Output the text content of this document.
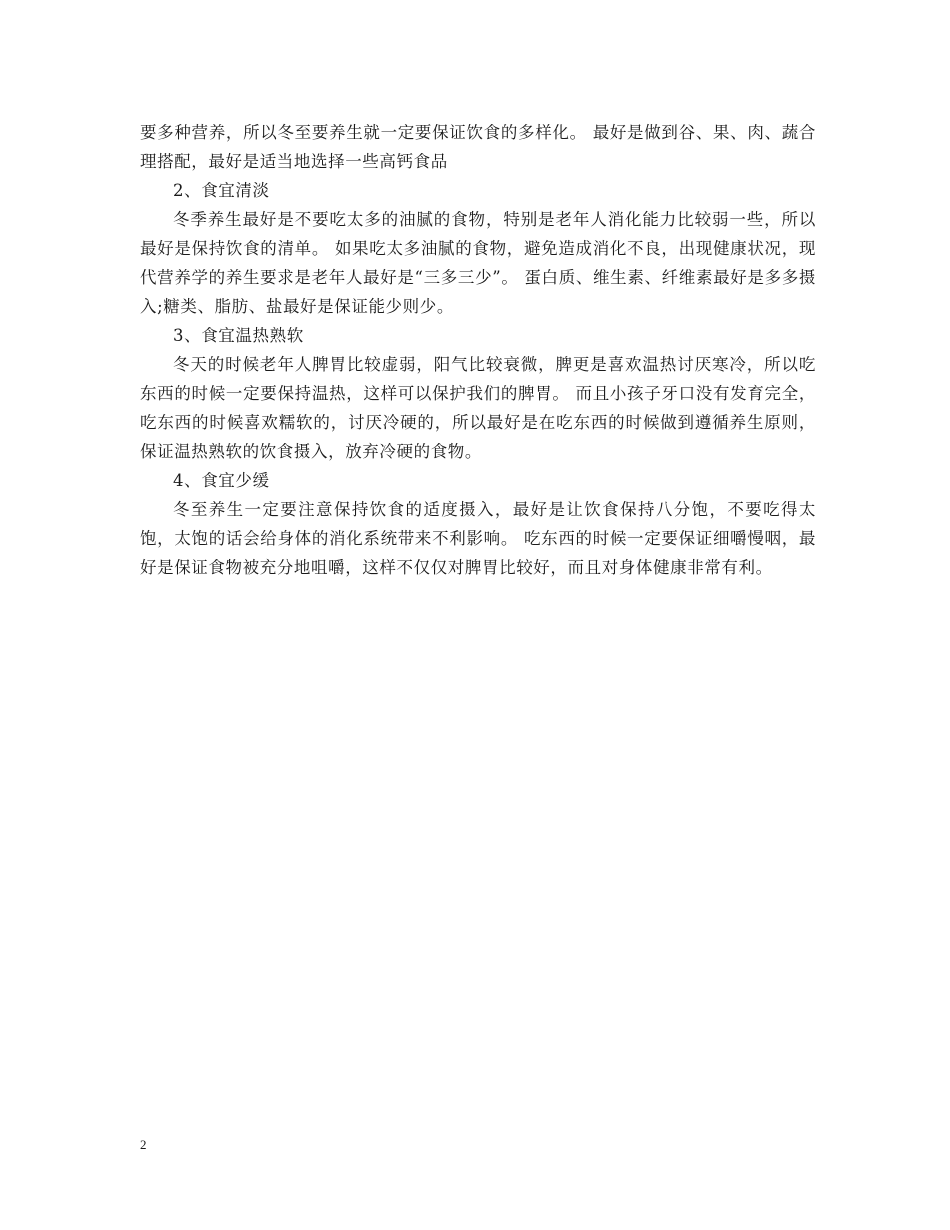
要多种营养，所以冬至要养生就一定要保证饮食的多样化。 最好是做到谷、果、肉、蔬合理搭配，最好是适当地选择一些高钙食品

2、食宜清淡

冬季养生最好是不要吃太多的油腻的食物，特别是老年人消化能力比较弱一些，所以最好是保持饮食的清单。 如果吃太多油腻的食物，避免造成消化不良，出现健康状况，现代营养学的养生要求是老年人最好是“三多三少”。 蛋白质、维生素、纤维素最好是多多摄入;糖类、脂肪、盐最好是保证能少则少。

3、食宜温热熟软

冬天的时候老年人脾胃比较虚弱，阳气比较衰微，脾更是喜欢温热讨厌寒冷，所以吃东西的时候一定要保持温热，这样可以保护我们的脾胃。 而且小孩子牙口没有发育完全，吃东西的时候喜欢糯软的，讨厌冷硬的，所以最好是在吃东西的时候做到遵循养生原则，保证温热熟软的饮食摄入，放弃冷硬的食物。

4、食宜少缓

冬至养生一定要注意保持饮食的适度摄入，最好是让饮食保持八分饱，不要吃得太饱，太饱的话会给身体的消化系统带来不利影响。 吃东西的时候一定要保证细嚼慢咽，最好是保证食物被充分地咀嚼，这样不仅仅对脾胃比较好，而且对身体健康非常有利。

2
